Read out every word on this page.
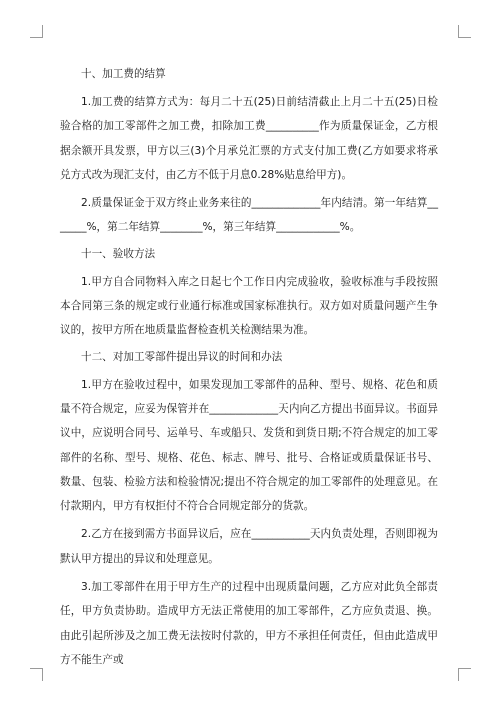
十、加工费的结算

1.加工费的结算方式为：每月二十五(25)日前结清截止上月二十五(25)日检验合格的加工零部件之加工费，扣除加工费__________作为质量保证金，乙方根据余额开具发票，甲方以三(3)个月承兑汇票的方式支付加工费(乙方如要求将承兑方式改为现汇支付，由乙方不低于月息0.28%贴息给甲方)。

2.质量保证金于双方终止业务来往的_____________年内结清。第一年结算_______%，第二年结算________%，第三年结算____________%。

十一、验收方法

1.甲方自合同物料入库之日起七个工作日内完成验收，验收标准与手段按照本合同第三条的规定或行业通行标准或国家标准执行。双方如对质量问题产生争议的，按甲方所在地质量监督检查机关检测结果为准。

十二、对加工零部件提出异议的时间和办法

1.甲方在验收过程中，如果发现加工零部件的品种、型号、规格、花色和质量不符合规定，应妥为保管并在_____________天内向乙方提出书面异议。书面异议中，应说明合同号、运单号、车或船只、发货和到货日期;不符合规定的加工零部件的名称、型号、规格、花色、标志、牌号、批号、合格证或质量保证书号、数量、包装、检验方法和检验情况;提出不符合规定的加工零部件的处理意见。在付款期内，甲方有权拒付不符合合同规定部分的货款。

2.乙方在接到需方书面异议后，应在___________天内负责处理，否则即视为默认甲方提出的异议和处理意见。

3.加工零部件在用于甲方生产的过程中出现质量问题，乙方应对此负全部责任，甲方负责协助。造成甲方无法正常使用的加工零部件，乙方应负责退、换。由此引起所涉及之加工费无法按时付款的，甲方不承担任何责任，但由此造成甲方不能生产或
